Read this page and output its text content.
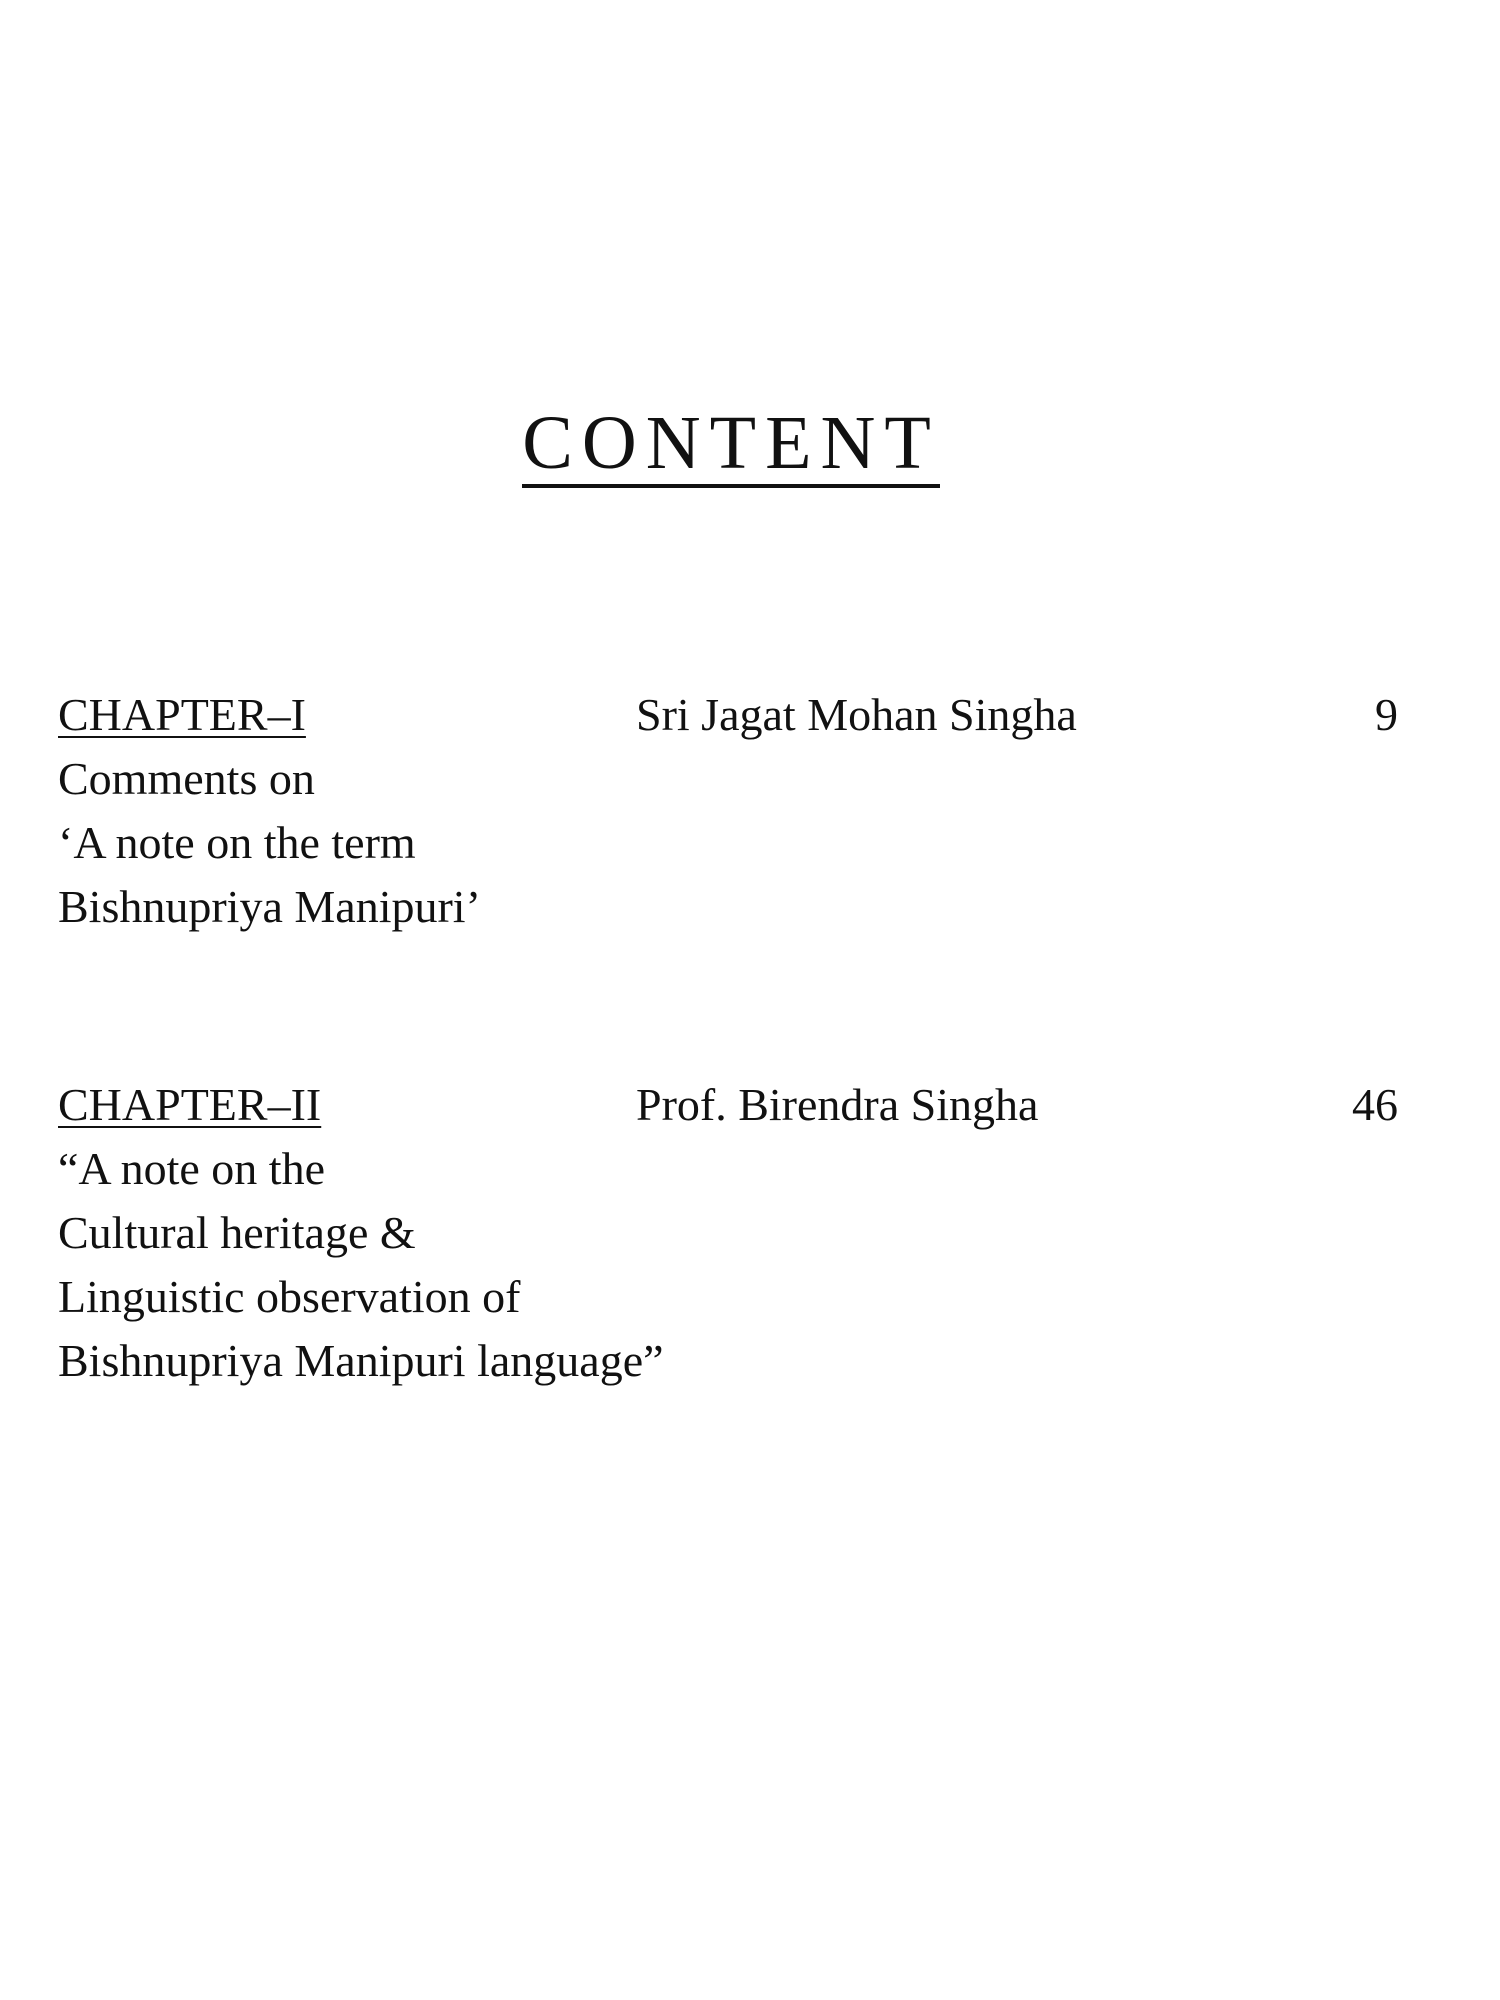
CONTENT
CHAPTER–I	Sri Jagat Mohan Singha	9
Comments on
‘A note on the term
Bishnupriya Manipuri’
CHAPTER–II	Prof. Birendra Singha	46
“A note on the
Cultural heritage &
Linguistic observation of
Bishnupriya Manipuri language”
